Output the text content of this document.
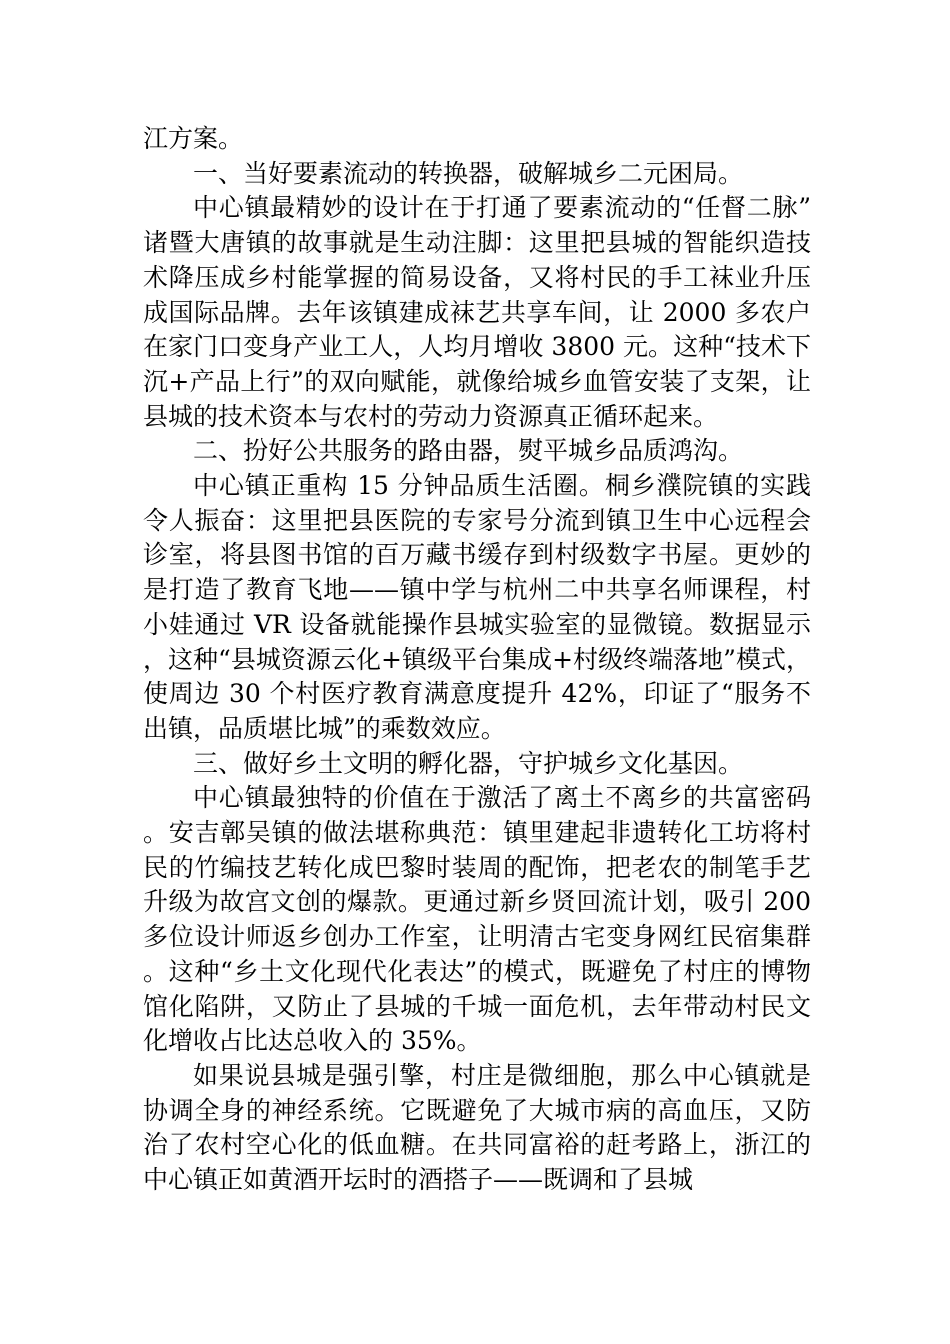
江方案。

一、当好要素流动的转换器，破解城乡二元困局。

中心镇最精妙的设计在于打通了要素流动的“任督二脉”诸暨大唐镇的故事就是生动注脚：这里把县城的智能织造技术降压成乡村能掌握的简易设备，又将村民的手工袜业升压成国际品牌。去年该镇建成袜艺共享车间，让 2000 多农户在家门口变身产业工人，人均月增收 3800 元。这种“技术下沉+产品上行”的双向赋能，就像给城乡血管安装了支架，让县城的技术资本与农村的劳动力资源真正循环起来。

二、扮好公共服务的路由器，熨平城乡品质鸿沟。

中心镇正重构 15 分钟品质生活圈。桐乡濮院镇的实践令人振奋：这里把县医院的专家号分流到镇卫生中心远程会诊室，将县图书馆的百万藏书缓存到村级数字书屋。更妙的是打造了教育飞地——镇中学与杭州二中共享名师课程，村小娃通过 VR 设备就能操作县城实验室的显微镜。数据显示，这种“县城资源云化+镇级平台集成+村级终端落地”模式，使周边 30 个村医疗教育满意度提升 42%，印证了“服务不出镇，品质堪比城”的乘数效应。

三、做好乡土文明的孵化器，守护城乡文化基因。

中心镇最独特的价值在于激活了离土不离乡的共富密码。安吉鄣吴镇的做法堪称典范：镇里建起非遗转化工坊将村民的竹编技艺转化成巴黎时装周的配饰，把老农的制笔手艺升级为故宫文创的爆款。更通过新乡贤回流计划，吸引 200 多位设计师返乡创办工作室，让明清古宅变身网红民宿集群。这种“乡土文化现代化表达”的模式，既避免了村庄的博物馆化陷阱，又防止了县城的千城一面危机，去年带动村民文化增收占比达总收入的 35%。

如果说县城是强引擎，村庄是微细胞，那么中心镇就是协调全身的神经系统。它既避免了大城市病的高血压，又防治了农村空心化的低血糖。在共同富裕的赶考路上，浙江的中心镇正如黄酒开坛时的酒搭子——既调和了县城
